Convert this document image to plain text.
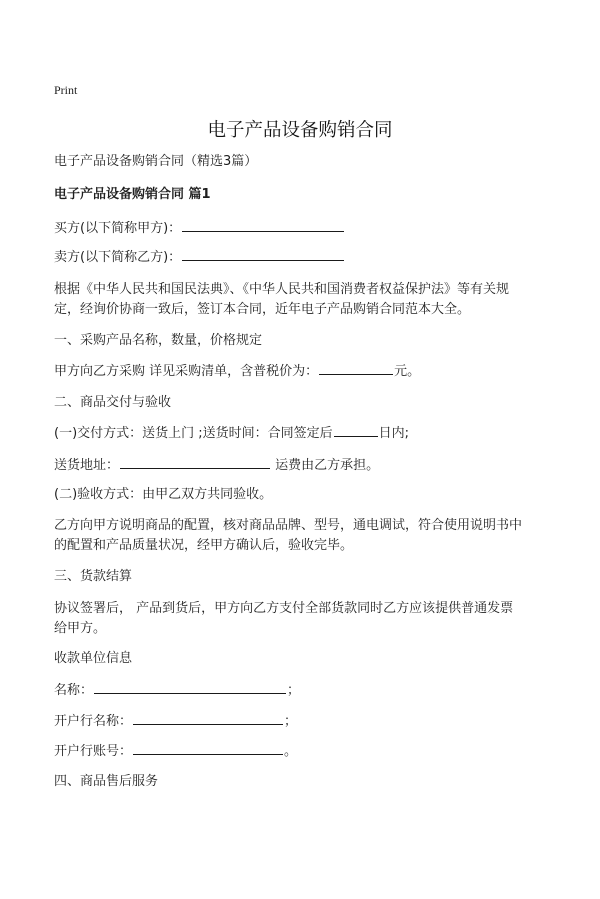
Print
电子产品设备购销合同
电子产品设备购销合同（精选3篇）
电子产品设备购销合同 篇1
买方(以下简称甲方)：
卖方(以下简称乙方)：
根据《中华人民共和国民法典》、《中华人民共和国消费者权益保护法》等有关规
定，经询价协商一致后，签订本合同，近年电子产品购销合同范本大全。
一、采购产品名称，数量，价格规定
甲方向乙方采购 详见采购清单，含普税价为：	元。
二、商品交付与验收
(一)交付方式：送货上门 ;送货时间：合同签定后	日内;
送货地址：	运费由乙方承担。
(二)验收方式：由甲乙双方共同验收。
乙方向甲方说明商品的配置，核对商品品牌、型号，通电调试，符合使用说明书中
的配置和产品质量状况，经甲方确认后，验收完毕。
三、货款结算
协议签署后， 产品到货后，甲方向乙方支付全部货款同时乙方应该提供普通发票
给甲方。
收款单位信息
名称：	；
开户行名称：	；
开户行账号：	。
四、商品售后服务
